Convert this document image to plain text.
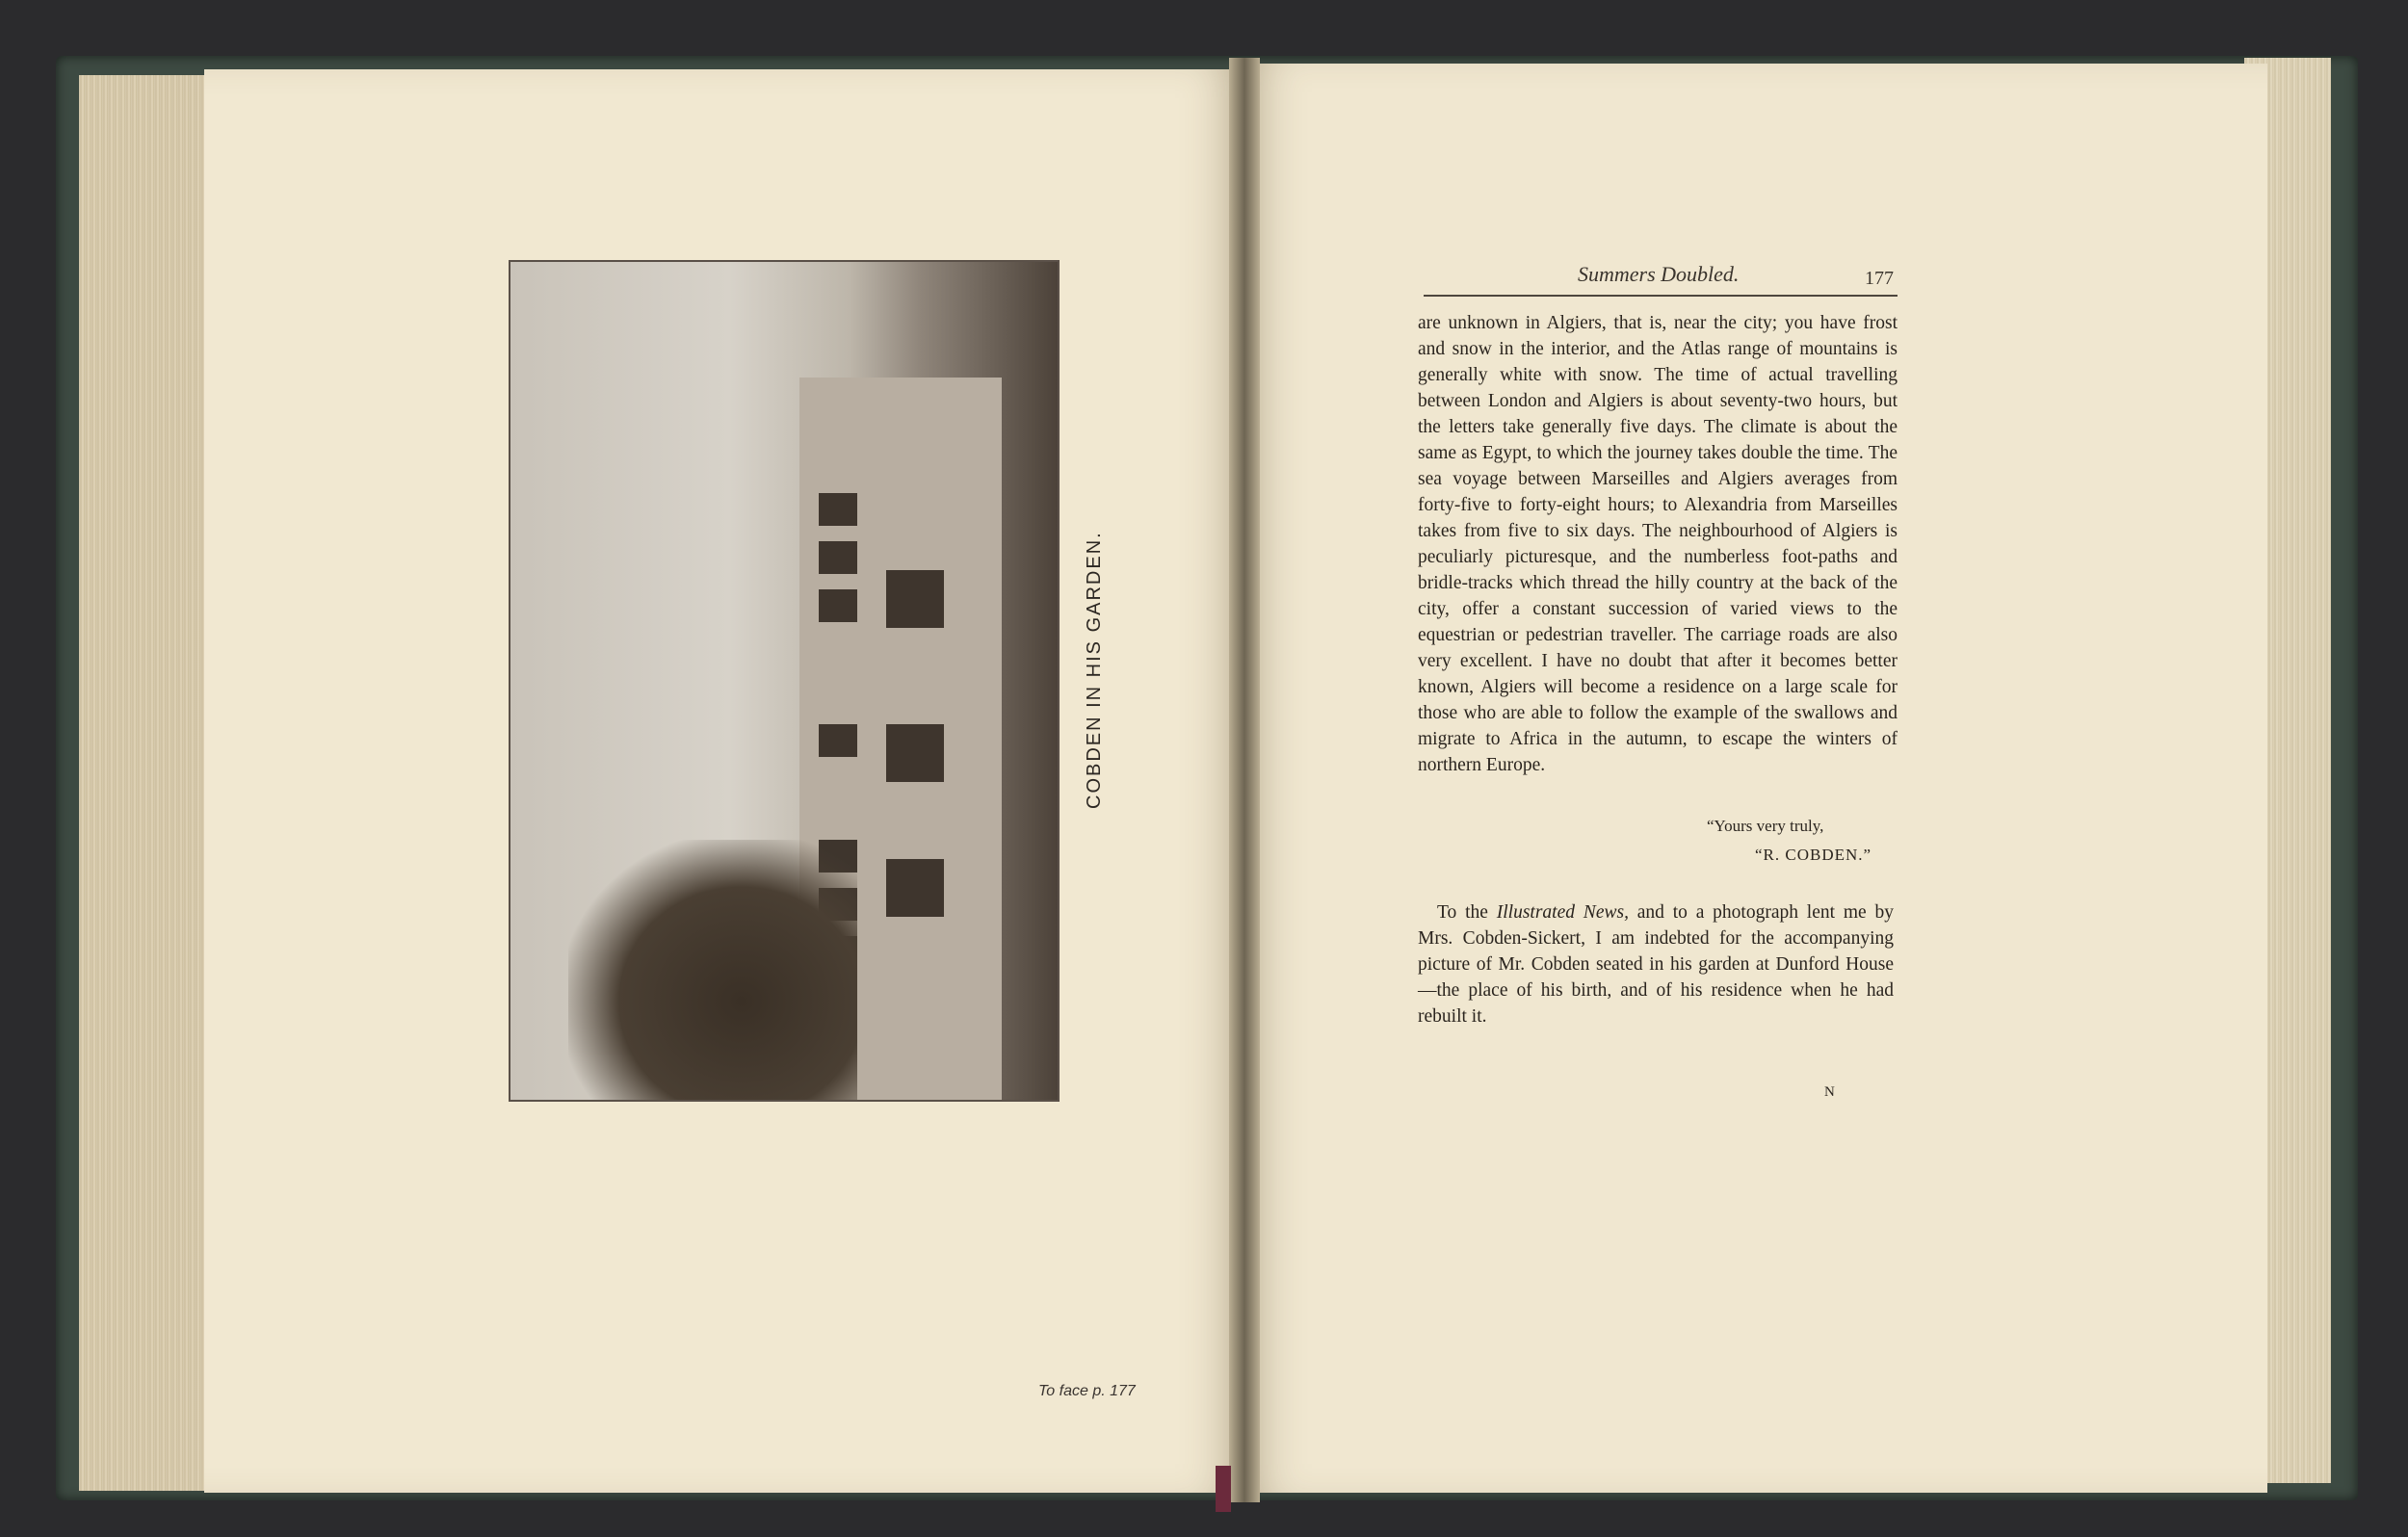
COBDEN IN HIS GARDEN.
To face p. 177
Summers Doubled.	177

are unknown in Algiers, that is, near the city; you have frost and snow in the interior, and the Atlas range of mountains is generally white with snow. The time of actual travelling between London and Algiers is about seventy-two hours, but the letters take generally five days. The climate is about the same as Egypt, to which the journey takes double the time. The sea voyage between Marseilles and Algiers averages from forty-five to forty-eight hours; to Alexandria from Marseilles takes from five to six days. The neighbourhood of Algiers is peculiarly picturesque, and the numberless foot-paths and bridle-tracks which thread the hilly country at the back of the city, offer a constant succession of varied views to the equestrian or pedestrian traveller. The carriage roads are also very excellent. I have no doubt that after it becomes better known, Algiers will become a residence on a large scale for those who are able to follow the example of the swallows and migrate to Africa in the autumn, to escape the winters of northern Europe.

“Yours very truly,
“R. COBDEN.”

To the Illustrated News, and to a photograph lent me by Mrs. Cobden-Sickert, I am indebted for the accompanying picture of Mr. Cobden seated in his garden at Dunford House—the place of his birth, and of his residence when he had rebuilt it.

N
